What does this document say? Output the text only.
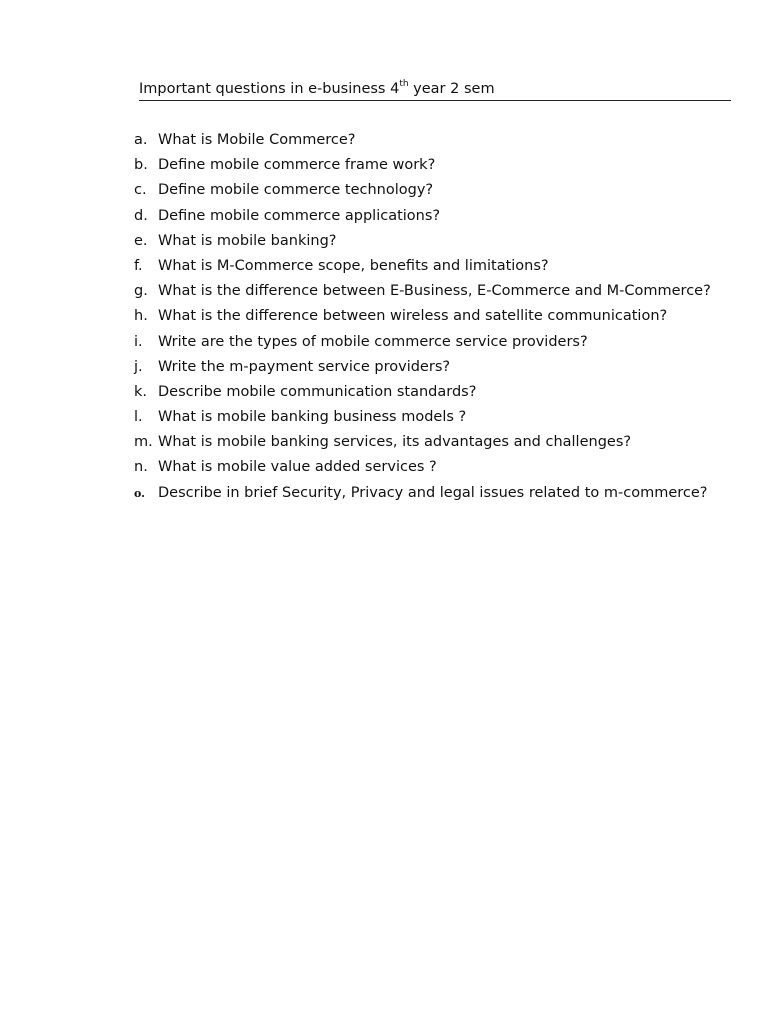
Important questions in e-business 4th year 2 sem
a. What is Mobile Commerce?
b. Define mobile commerce frame work?
c. Define mobile commerce technology?
d. Define mobile commerce applications?
e. What is mobile banking?
f. What is M-Commerce scope, benefits and limitations?
g. What is the difference between E-Business, E-Commerce and M-Commerce?
h. What is the difference between wireless and satellite communication?
i. Write are the types of mobile commerce service providers?
j. Write the m-payment service providers?
k. Describe mobile communication standards?
l. What is mobile banking business models ?
m. What is mobile banking services, its advantages and challenges?
n. What is mobile value added services ?
o. Describe in brief Security, Privacy and legal issues related to m-commerce?
